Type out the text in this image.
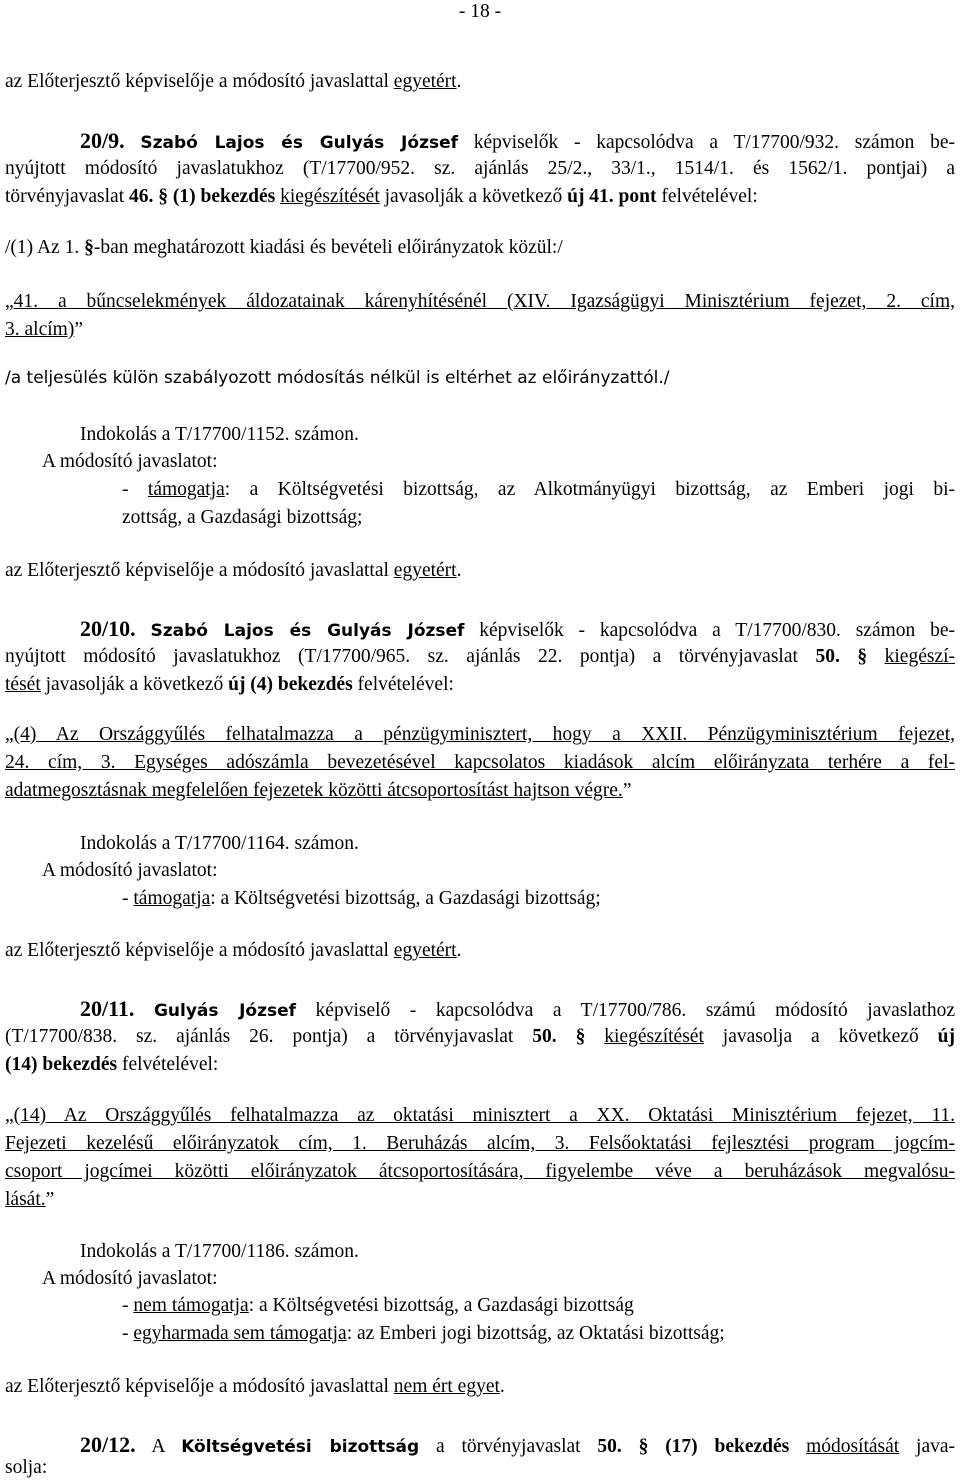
- 18 -
az Előterjesztő képviselője a módosító javaslattal egyetért.
20/9. Szabó Lajos és Gulyás József képviselők - kapcsolódva a T/17700/932. számon be-
nyújtott módosító javaslatukhoz (T/17700/952. sz. ajánlás 25/2., 33/1., 1514/1. és 1562/1. pontjai) a
törvényjavaslat 46. § (1) bekezdés kiegészítését javasolják a következő új 41. pont felvételével:
/(1) Az 1. §-ban meghatározott kiadási és bevételi előirányzatok közül:/
„41. a bűncselekmények áldozatainak kárenyhítésénél (XIV. Igazságügyi Minisztérium fejezet, 2. cím,
3. alcím)”
/a teljesülés külön szabályozott módosítás nélkül is eltérhet az előirányzattól./
Indokolás a T/17700/1152. számon.
A módosító javaslatot:
- támogatja: a Költségvetési bizottság, az Alkotmányügyi bizottság, az Emberi jogi bi-
zottság, a Gazdasági bizottság;
az Előterjesztő képviselője a módosító javaslattal egyetért.
20/10. Szabó Lajos és Gulyás József képviselők - kapcsolódva a T/17700/830. számon be-
nyújtott módosító javaslatukhoz (T/17700/965. sz. ajánlás 22. pontja) a törvényjavaslat 50. § kiegészí-
tését javasolják a következő új (4) bekezdés felvételével:
„(4) Az Országgyűlés felhatalmazza a pénzügyminisztert, hogy a XXII. Pénzügyminisztérium fejezet,
24. cím, 3. Egységes adószámla bevezetésével kapcsolatos kiadások alcím előirányzata terhére a fel-
adatmegosztásnak megfelelően fejezetek közötti átcsoportosítást hajtson végre.”
Indokolás a T/17700/1164. számon.
A módosító javaslatot:
- támogatja: a Költségvetési bizottság, a Gazdasági bizottság;
az Előterjesztő képviselője a módosító javaslattal egyetért.
20/11. Gulyás József képviselő - kapcsolódva a T/17700/786. számú módosító javaslathoz
(T/17700/838. sz. ajánlás 26. pontja) a törvényjavaslat 50. § kiegészítését javasolja a következő új
(14) bekezdés felvételével:
„(14) Az Országgyűlés felhatalmazza az oktatási minisztert a XX. Oktatási Minisztérium fejezet, 11.
Fejezeti kezelésű előirányzatok cím, 1. Beruházás alcím, 3. Felsőoktatási fejlesztési program jogcím-
csoport jogcímei közötti előirányzatok átcsoportosítására, figyelembe véve a beruházások megvalósu-
lását.”
Indokolás a T/17700/1186. számon.
A módosító javaslatot:
- nem támogatja: a Költségvetési bizottság, a Gazdasági bizottság
- egyharmada sem támogatja: az Emberi jogi bizottság, az Oktatási bizottság;
az Előterjesztő képviselője a módosító javaslattal nem ért egyet.
20/12. A Költségvetési bizottság a törvényjavaslat 50. § (17) bekezdés módosítását java-
solja:
